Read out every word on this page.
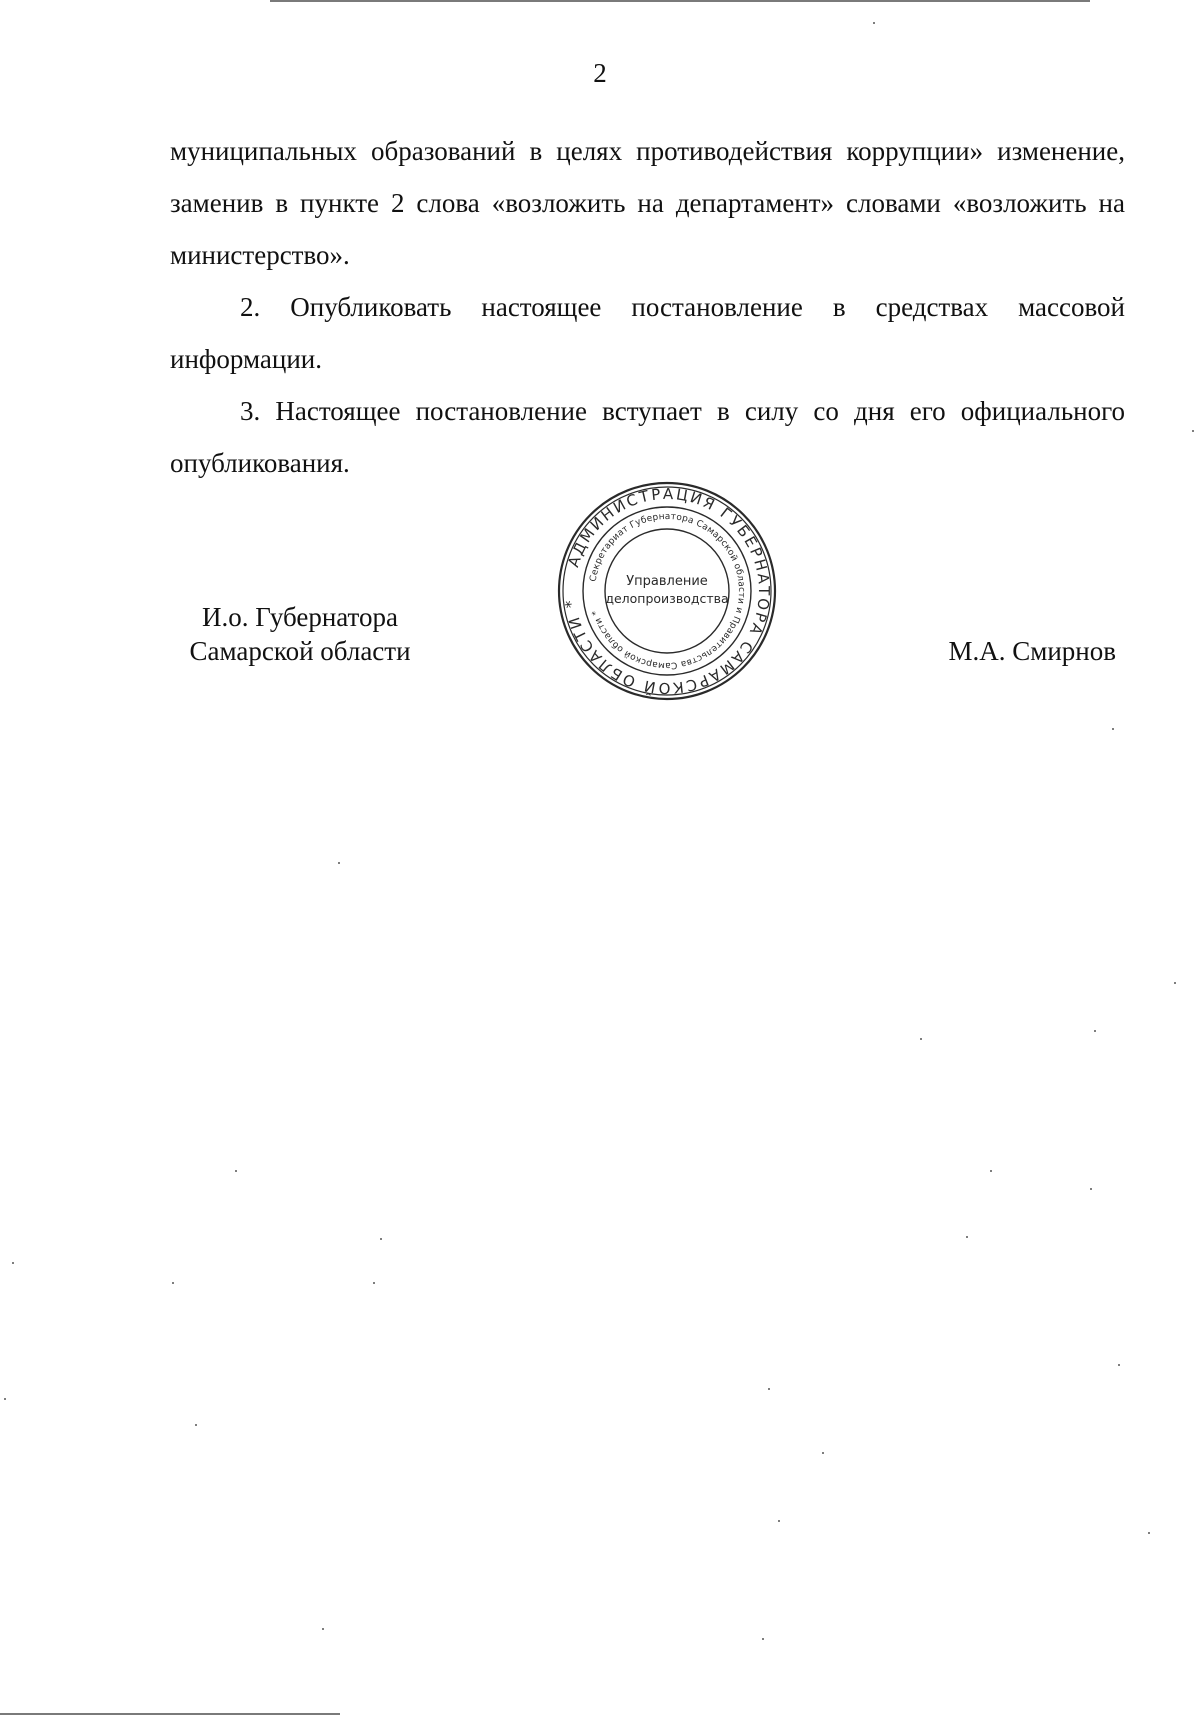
2

муниципальных образований в целях противодействия коррупции» изменение, заменив в пункте 2 слова «возложить на департамент» словами «возложить на министерство».

2. Опубликовать настоящее постановление в средствах массовой информации.

3. Настоящее постановление вступает в силу со дня его официального опубликования.

И.о. Губернатора
Самарской области	М.А. Смирнов
АДМИНИСТРАЦИЯ ГУБЕРНАТОРА САМАРСКОЙ ОБЛАСТИ *
Секретариат Губернатора Самарской области и Правительства Самарской области *
Управление
делопроизводства
